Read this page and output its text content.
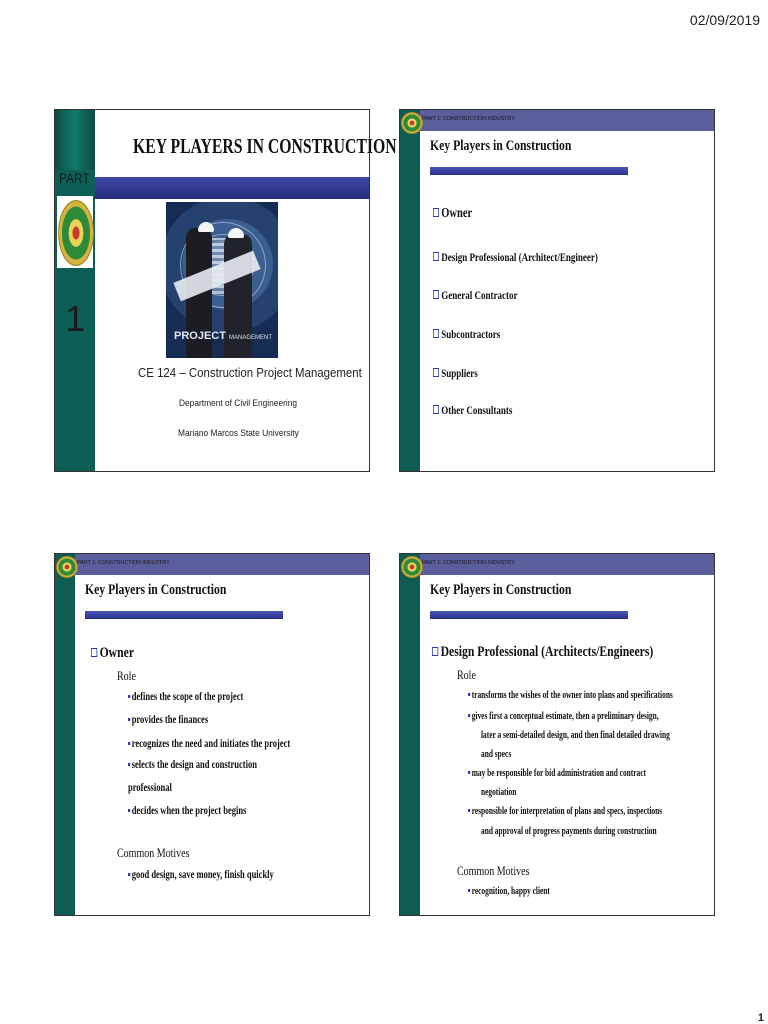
02/09/2019
PART
1
KEY PLAYERS IN CONSTRUCTION
PROJECT MANAGEMENT
CE 124 – Construction Project Management
Department of Civil Engineering
Mariano Marcos State University
PART 1: CONSTRUCTION INDUSTRY
Key Players in Construction
Owner
Design Professional (Architect/Engineer)
General Contractor
Subcontractors
Suppliers
Other Consultants
PART 1: CONSTRUCTION INDUSTRY
Key Players in Construction
Owner
Role
defines the scope of the project
provides the finances
recognizes the need and initiates the project
selects the design and construction
professional
decides when the project begins
Common Motives
good design, save money, finish quickly
PART 1: CONSTRUCTION INDUSTRY
Key Players in Construction
Design Professional (Architects/Engineers)
Role
transforms the wishes of the owner into plans and specifications
gives first a conceptual estimate, then a preliminary design,
later a semi-detailed design, and then final detailed drawing
and specs
may be responsible for bid administration and contract
negotiation
responsible for interpretation of plans and specs, inspections
and approval of progress payments during construction
Common Motives
recognition, happy client
1
